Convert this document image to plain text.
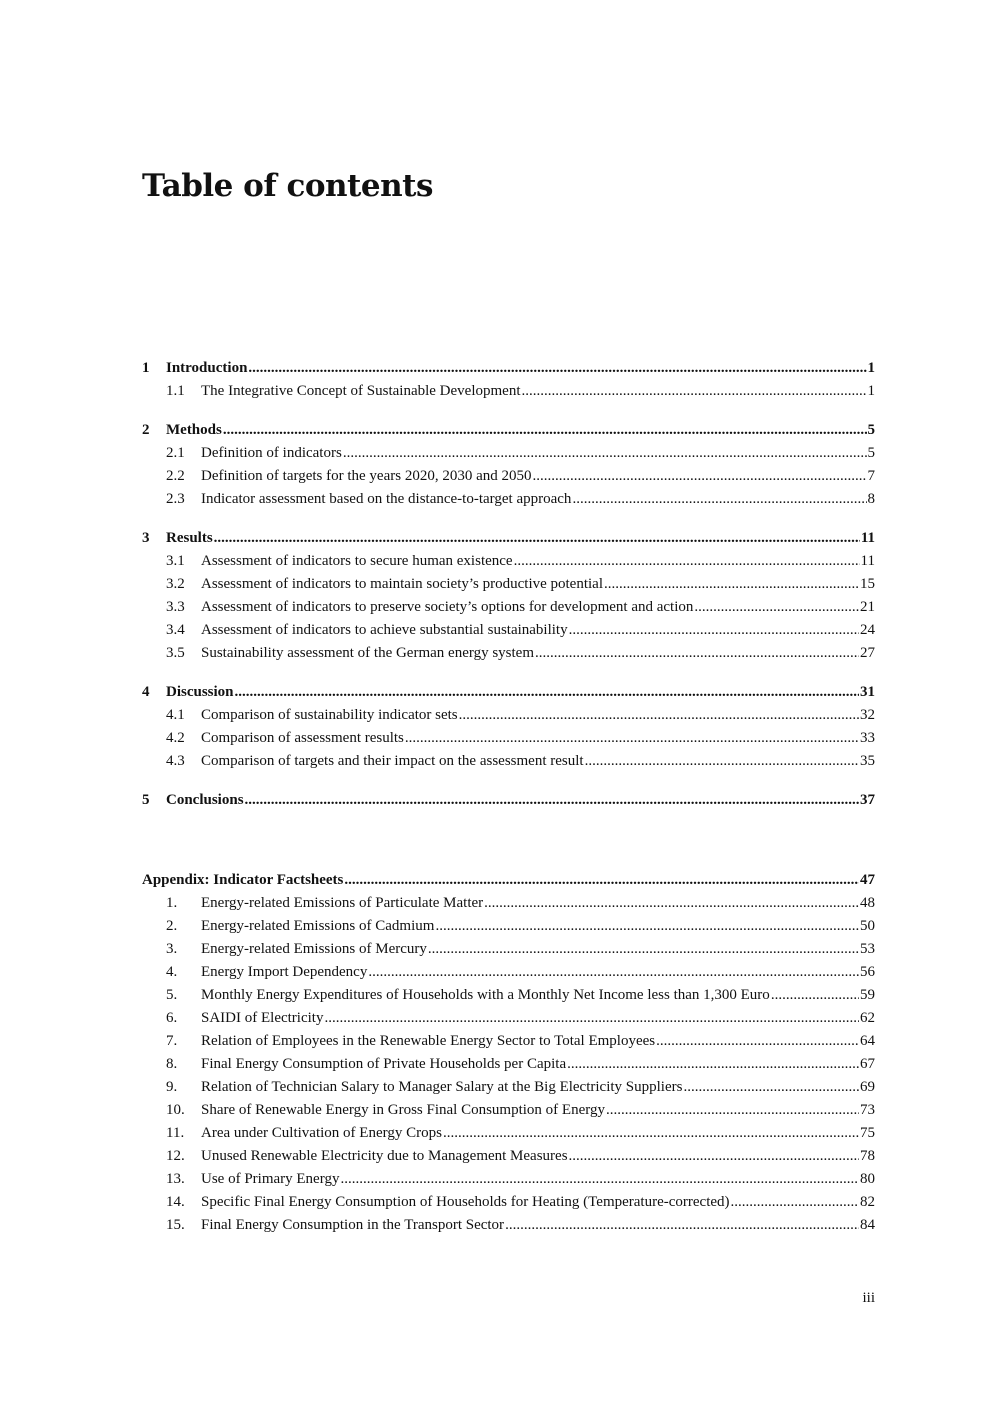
Table of contents
1	Introduction .....	1
1.1	The Integrative Concept of Sustainable Development .....	1
2	Methods .....	5
2.1	Definition of indicators .....	5
2.2	Definition of targets for the years 2020, 2030 and 2050 .....	7
2.3	Indicator assessment based on the distance-to-target approach .....	8
3	Results .....	11
3.1	Assessment of indicators to secure human existence .....	11
3.2	Assessment of indicators to maintain society’s productive potential .....	15
3.3	Assessment of indicators to preserve society’s options for development and action .....	21
3.4	Assessment of indicators to achieve substantial sustainability .....	24
3.5	Sustainability assessment of the German energy system .....	27
4	Discussion .....	31
4.1	Comparison of sustainability indicator sets .....	32
4.2	Comparison of assessment results .....	33
4.3	Comparison of targets and their impact on the assessment result .....	35
5	Conclusions .....	37
Appendix: Indicator Factsheets .....	47
1.	Energy-related Emissions of Particulate Matter .....	48
2.	Energy-related Emissions of Cadmium .....	50
3.	Energy-related Emissions of Mercury .....	53
4.	Energy Import Dependency .....	56
5.	Monthly Energy Expenditures of Households with a Monthly Net Income less than 1,300 Euro .....	59
6.	SAIDI of Electricity .....	62
7.	Relation of Employees in the Renewable Energy Sector to Total Employees .....	64
8.	Final Energy Consumption of Private Households per Capita .....	67
9.	Relation of Technician Salary to Manager Salary at the Big Electricity Suppliers .....	69
10.	Share of Renewable Energy in Gross Final Consumption of Energy .....	73
11.	Area under Cultivation of Energy Crops .....	75
12.	Unused Renewable Electricity due to Management Measures .....	78
13.	Use of Primary Energy .....	80
14.	Specific Final Energy Consumption of Households for Heating (Temperature-corrected) .....	82
15.	Final Energy Consumption in the Transport Sector .....	84
iii
